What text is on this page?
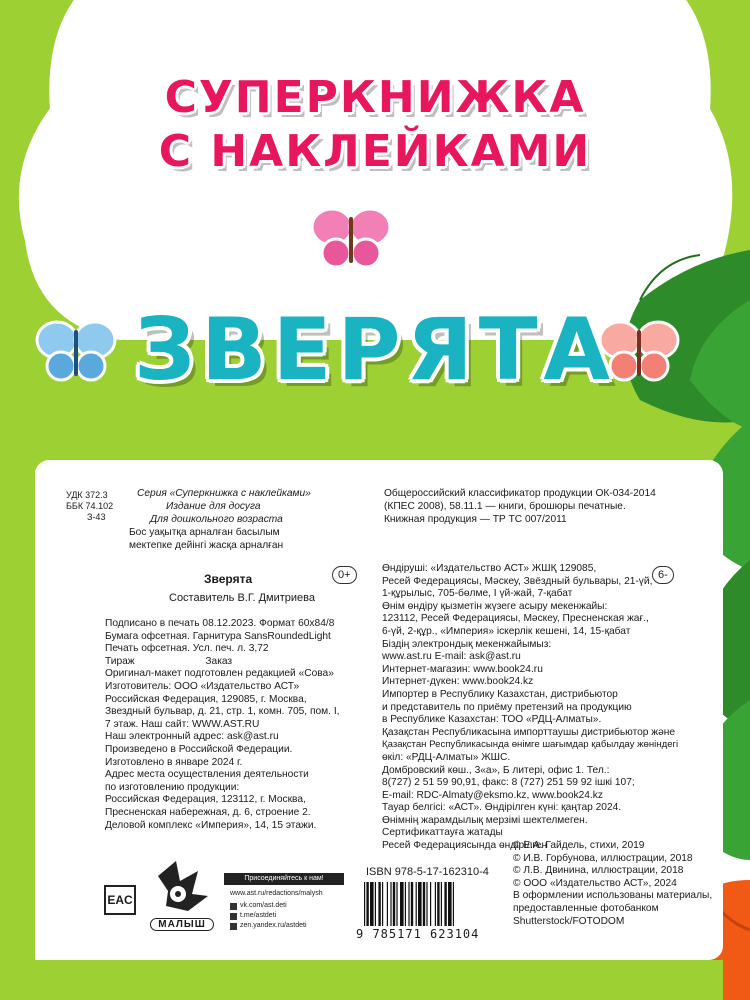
СУПЕРКНИЖКА
С НАКЛЕЙКАМИ
ЗВЕРЯТА
УДК 372.3
ББК 74.102
З-43
Серия «Суперкнижка с наклейками»
Издание для досуга
Для дошкольного возраста
Бос уақытқа арналған басылым
мектепке дейінгі жасқа арналған
Общероссийский классификатор продукции ОК-034-2014
(КПЕС 2008), 58.11.1 — книги, брошюры печатные.
Книжная продукция — ТР ТС 007/2011
Зверята
Составитель В.Г. Дмитриева
0+	6-
Подписано в печать 08.12.2023. Формат 60х84/8
Бумага офсетная. Гарнитура SansRoundedLight
Печать офсетная. Усл. печ. л. 3,72
Тираж                         Заказ
Оригинал-макет подготовлен редакцией «Сова»
Изготовитель: ООО «Издательство АСТ»
Российская Федерация, 129085, г. Москва,
Звездный бульвар, д. 21, стр. 1, комн. 705, пом. I,
7 этаж. Наш сайт: WWW.AST.RU
Наш электронный адрес: ask@ast.ru
Произведено в Российской Федерации.
Изготовлено в январе 2024 г.
Адрес места осуществления деятельности
по изготовлению продукции:
Российская Федерация, 123112, г. Москва,
Пресненская набережная, д. 6, строение 2.
Деловой комплекс «Империя», 14, 15 этажи.
Өндіруші: «Издательство АСТ» ЖШҚ 129085,
Ресей Федерациясы, Мәскеу, Звёздный бульвары, 21-үй,
1-құрылыс, 705-бөлме, I үй-жай, 7-қабат
Өнім өндіру қызметін жүзеге асыру мекенжайы:
123112, Ресей Федерациясы, Мәскеу, Пресненская жағ.,
6-үй, 2-құр., «Империя» іскерлік кешені, 14, 15-қабат
Біздің электрондық мекенжайымыз:
www.ast.ru E-mail: ask@ast.ru
Интернет-магазин: www.book24.ru
Интернет-дүкен: www.book24.kz
Импортер в Республику Казахстан, дистрибьютор
и представитель по приёму претензий на продукцию
в Республике Казахстан: ТОО «РДЦ-Алматы».
Қазақстан Республикасына импорттаушы дистрибьютор және
Қазақстан Республикасында өнімге шағымдар қабылдау жөніндегі
өкіл: «РДЦ-Алматы» ЖШС.
Домбровский көш., 3«а», Б литері, офис 1. Тел.:
8(727) 2 51 59 90,91, факс: 8 (727) 251 59 92 ішкі 107;
E-mail: RDC-Almaty@eksmo.kz, www.book24.kz
Тауар белгісі: «АСТ». Өндірілген күні: қаңтар 2024.
Өнімнің жарамдылық мерзімі шектелмеген.
Сертификаттауға жатады
Ресей Федерациясында өндірілген
EAC
МАЛЫШ
Присоединяйтесь к нам!
www.ast.ru/redactions/malysh
vk.com/ast.deti
t.me/astdeti
zen.yandex.ru/astdeti
ISBN 978-5-17-162310-4
9 785171 623104
© Е.А. Гайдель, стихи, 2019
© И.В. Горбунова, иллюстрации, 2018
© Л.В. Двинина, иллюстрации, 2018
© ООО «Издательство АСТ», 2024
В оформлении использованы материалы,
предоставленные фотобанком
Shutterstock/FOTODOM
